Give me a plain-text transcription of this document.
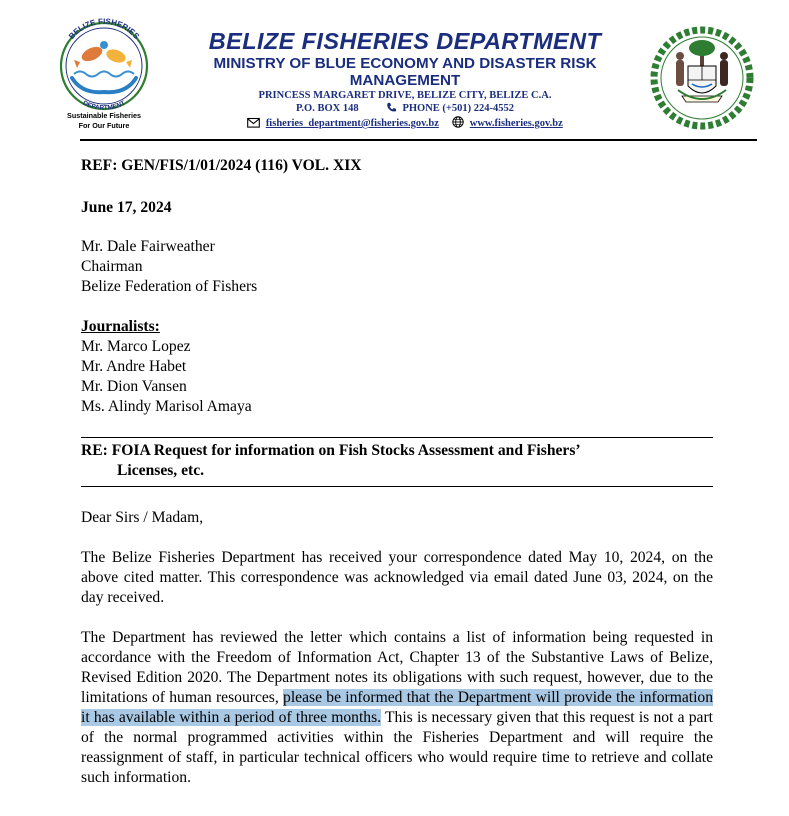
BELIZE FISHERIES
DEPARTMENT
Sustainable Fisheries
For Our Future
BELIZE FISHERIES DEPARTMENT
MINISTRY OF BLUE ECONOMY AND DISASTER RISK
MANAGEMENT
PRINCESS MARGARET DRIVE, BELIZE CITY, BELIZE C.A.
P.O. BOX 148	PHONE (+501) 224-4552
fisheries_department@fisheries.gov.bz	www.fisheries.gov.bz
REF: GEN/FIS/1/01/2024 (116) VOL. XIX
June 17, 2024
Mr. Dale Fairweather
Chairman
Belize Federation of Fishers
Journalists:
Mr. Marco Lopez
Mr. Andre Habet
Mr. Dion Vansen
Ms. Alindy Marisol Amaya
RE: FOIA Request for information on Fish Stocks Assessment and Fishers’
Licenses, etc.
Dear Sirs / Madam,
The Belize Fisheries Department has received your correspondence dated May 10, 2024, on the above cited matter. This correspondence was acknowledged via email dated June 03, 2024, on the day received.
The Department has reviewed the letter which contains a list of information being requested in accordance with the Freedom of Information Act, Chapter 13 of the Substantive Laws of Belize, Revised Edition 2020. The Department notes its obligations with such request, however, due to the limitations of human resources, please be informed that the Department will provide the information it has available within a period of three months. This is necessary given that this request is not a part of the normal programmed activities within the Fisheries Department and will require the reassignment of staff, in particular technical officers who would require time to retrieve and collate such information.
